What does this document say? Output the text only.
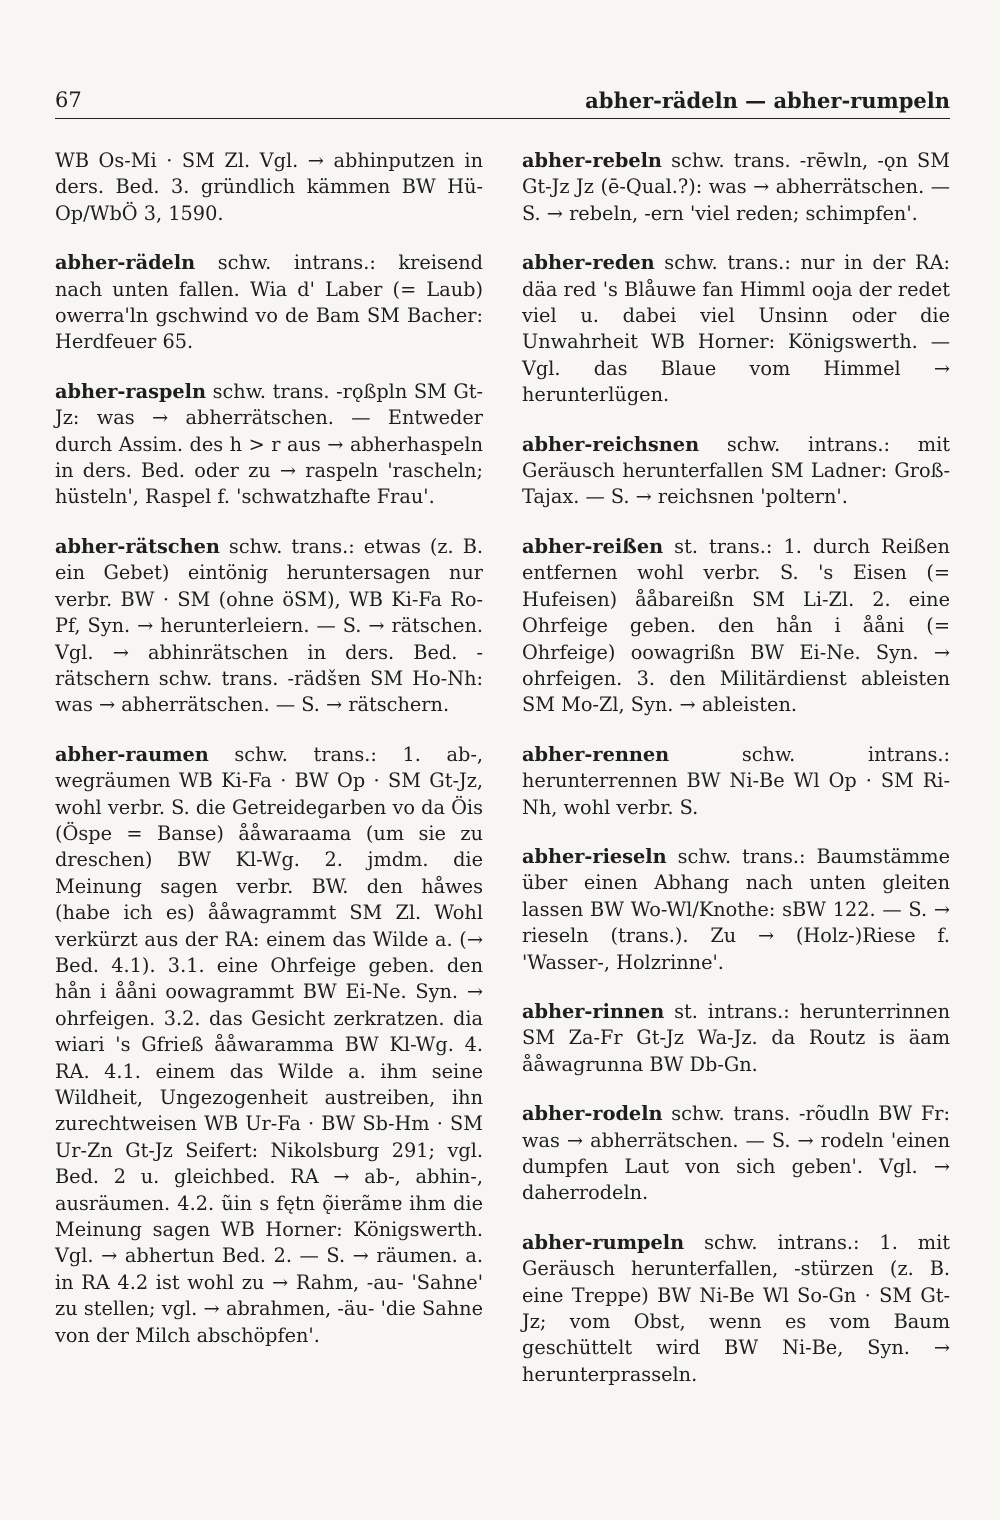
67	abher-rädeln — abher-rumpeln

WB Os-Mi · SM Zl. Vgl. → abhinputzen in ders. Bed. 3. gründlich kämmen BW Hü-Op/WbÖ 3, 1590.

abher-rädeln schw. intrans.: kreisend nach unten fallen. Wia d' Laber (= Laub) owerra'ln gschwind vo de Bam SM Bacher: Herdfeuer 65.

abher-raspeln schw. trans. -rǫßpln SM Gt-Jz: was → abherrätschen. — Entweder durch Assim. des h > r aus → abherhaspeln in ders. Bed. oder zu → raspeln 'rascheln; hüsteln', Raspel f. 'schwatzhafte Frau'.

abher-rätschen schw. trans.: etwas (z. B. ein Gebet) eintönig heruntersagen nur verbr. BW · SM (ohne öSM), WB Ki-Fa Ro-Pf, Syn. → herunterleiern. — S. → rätschen. Vgl. → abhinrätschen in ders. Bed. -rätschern schw. trans. -rädšɐn SM Ho-Nh: was → abherrätschen. — S. → rätschern.

abher-raumen schw. trans.: 1. ab-, wegräumen WB Ki-Fa · BW Op · SM Gt-Jz, wohl verbr. S. die Getreidegarben vo da Öis (Öspe = Banse) ååwaraama (um sie zu dreschen) BW Kl-Wg. 2. jmdm. die Meinung sagen verbr. BW. den håwes (habe ich es) ååwagrammt SM Zl. Wohl verkürzt aus der RA: einem das Wilde a. (→ Bed. 4.1). 3.1. eine Ohrfeige geben. den hån i ååni oowagrammt BW Ei-Ne. Syn. → ohrfeigen. 3.2. das Gesicht zerkratzen. dia wiari 's Gfrieß ååwaramma BW Kl-Wg. 4. RA. 4.1. einem das Wilde a. ihm seine Wildheit, Ungezogenheit austreiben, ihn zurechtweisen WB Ur-Fa · BW Sb-Hm · SM Ur-Zn Gt-Jz Seifert: Nikolsburg 291; vgl. Bed. 2 u. gleichbed. RA → ab-, abhin-, ausräumen. 4.2. ũin s fętn ǫ̃iɐrãmɐ ihm die Meinung sagen WB Horner: Königswerth. Vgl. → abhertun Bed. 2. — S. → räumen. a. in RA 4.2 ist wohl zu → Rahm, -au- 'Sahne' zu stellen; vgl. → abrahmen, -äu- 'die Sahne von der Milch abschöpfen'.

abher-rebeln schw. trans. -rēwln, -ǫn SM Gt-Jz Jz (ē-Qual.?): was → abherrätschen. — S. → rebeln, -ern 'viel reden; schimpfen'.

abher-reden schw. trans.: nur in der RA: däa red 's Blåuwe fan Himml ooja der redet viel u. dabei viel Unsinn oder die Unwahrheit WB Horner: Königswerth. — Vgl. das Blaue vom Himmel → herunterlügen.

abher-reichsnen schw. intrans.: mit Geräusch herunterfallen SM Ladner: Groß-Tajax. — S. → reichsnen 'poltern'.

abher-reißen st. trans.: 1. durch Reißen entfernen wohl verbr. S. 's Eisen (= Hufeisen) ååbareißn SM Li-Zl. 2. eine Ohrfeige geben. den hån i ååni (= Ohrfeige) oowagrißn BW Ei-Ne. Syn. → ohrfeigen. 3. den Militärdienst ableisten SM Mo-Zl, Syn. → ableisten.

abher-rennen	schw. intrans.: herunterrennen BW Ni-Be Wl Op · SM Ri-Nh, wohl verbr. S.

abher-rieseln schw. trans.: Baumstämme über einen Abhang nach unten gleiten lassen BW Wo-Wl/Knothe: sBW 122. — S. → rieseln (trans.). Zu → (Holz-)Riese f. 'Wasser-, Holzrinne'.

abher-rinnen st. intrans.: herunterrinnen SM Za-Fr Gt-Jz Wa-Jz. da Routz is äam ååwagrunna BW Db-Gn.

abher-rodeln schw. trans. -rõudln BW Fr: was → abherrätschen. — S. → rodeln 'einen dumpfen Laut von sich geben'. Vgl. → daherrodeln.

abher-rumpeln schw. intrans.: 1. mit Geräusch herunterfallen, -stürzen (z. B. eine Treppe) BW Ni-Be Wl So-Gn · SM Gt-Jz; vom Obst, wenn es vom Baum geschüttelt wird BW Ni-Be, Syn. → herunterprasseln.
